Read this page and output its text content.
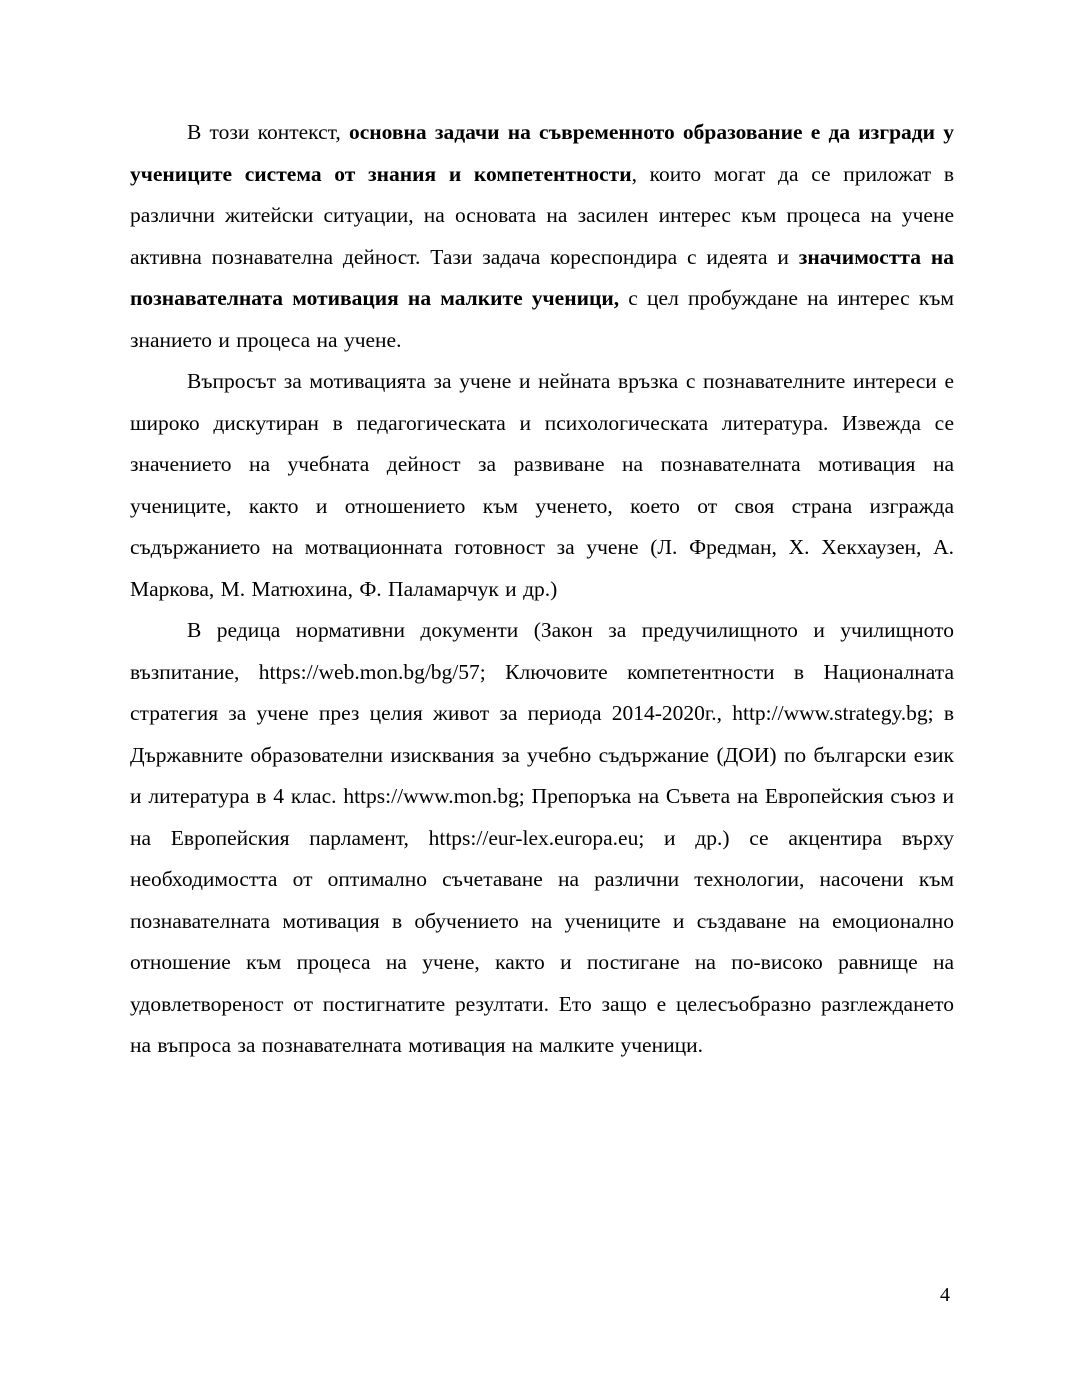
В този контекст, основна задачи на съвременното образование е да изгради у учениците система от знания и компетентности, които могат да се приложат в различни житейски ситуации, на основата на засилен интерес към процеса на учене активна познавателна дейност. Тази задача кореспондира с идеята и значимостта на познавателната мотивация на малките ученици, с цел пробуждане на интерес към знанието и процеса на учене.

Въпросът за мотивацията за учене и нейната връзка с познавателните интереси е широко дискутиран в педагогическата и психологическата литература. Извежда се значението на учебната дейност за развиване на познавателната мотивация на учениците, както и отношението към ученето, което от своя страна изгражда съдържанието на мотвационната готовност за учене (Л. Фредман, Х. Хекхаузен, А. Маркова, М. Матюхина, Ф. Паламарчук и др.)

В редица нормативни документи (Закон за предучилищното и училищното възпитание, https://web.mon.bg/bg/57; Ключовите компетентности в Националната стратегия за учене през целия живот за периода 2014-2020г., http://www.strategy.bg; в Държавните образователни изисквания за учебно съдържание (ДОИ) по български език и литература в 4 клас. https://www.mon.bg; Препоръка на Съвета на Европейския съюз и на Европейския парламент, https://eur-lex.europa.eu; и др.) се акцентира върху необходимостта от оптимално съчетаване на различни технологии, насочени към познавателната мотивация в обучението на учениците и създаване на емоционално отношение към процеса на учене, както и постигане на по-високо равнище на удовлетвореност от постигнатите резултати. Ето защо е целесъобразно разглеждането на въпроса за познавателната мотивация на малките ученици.

4
